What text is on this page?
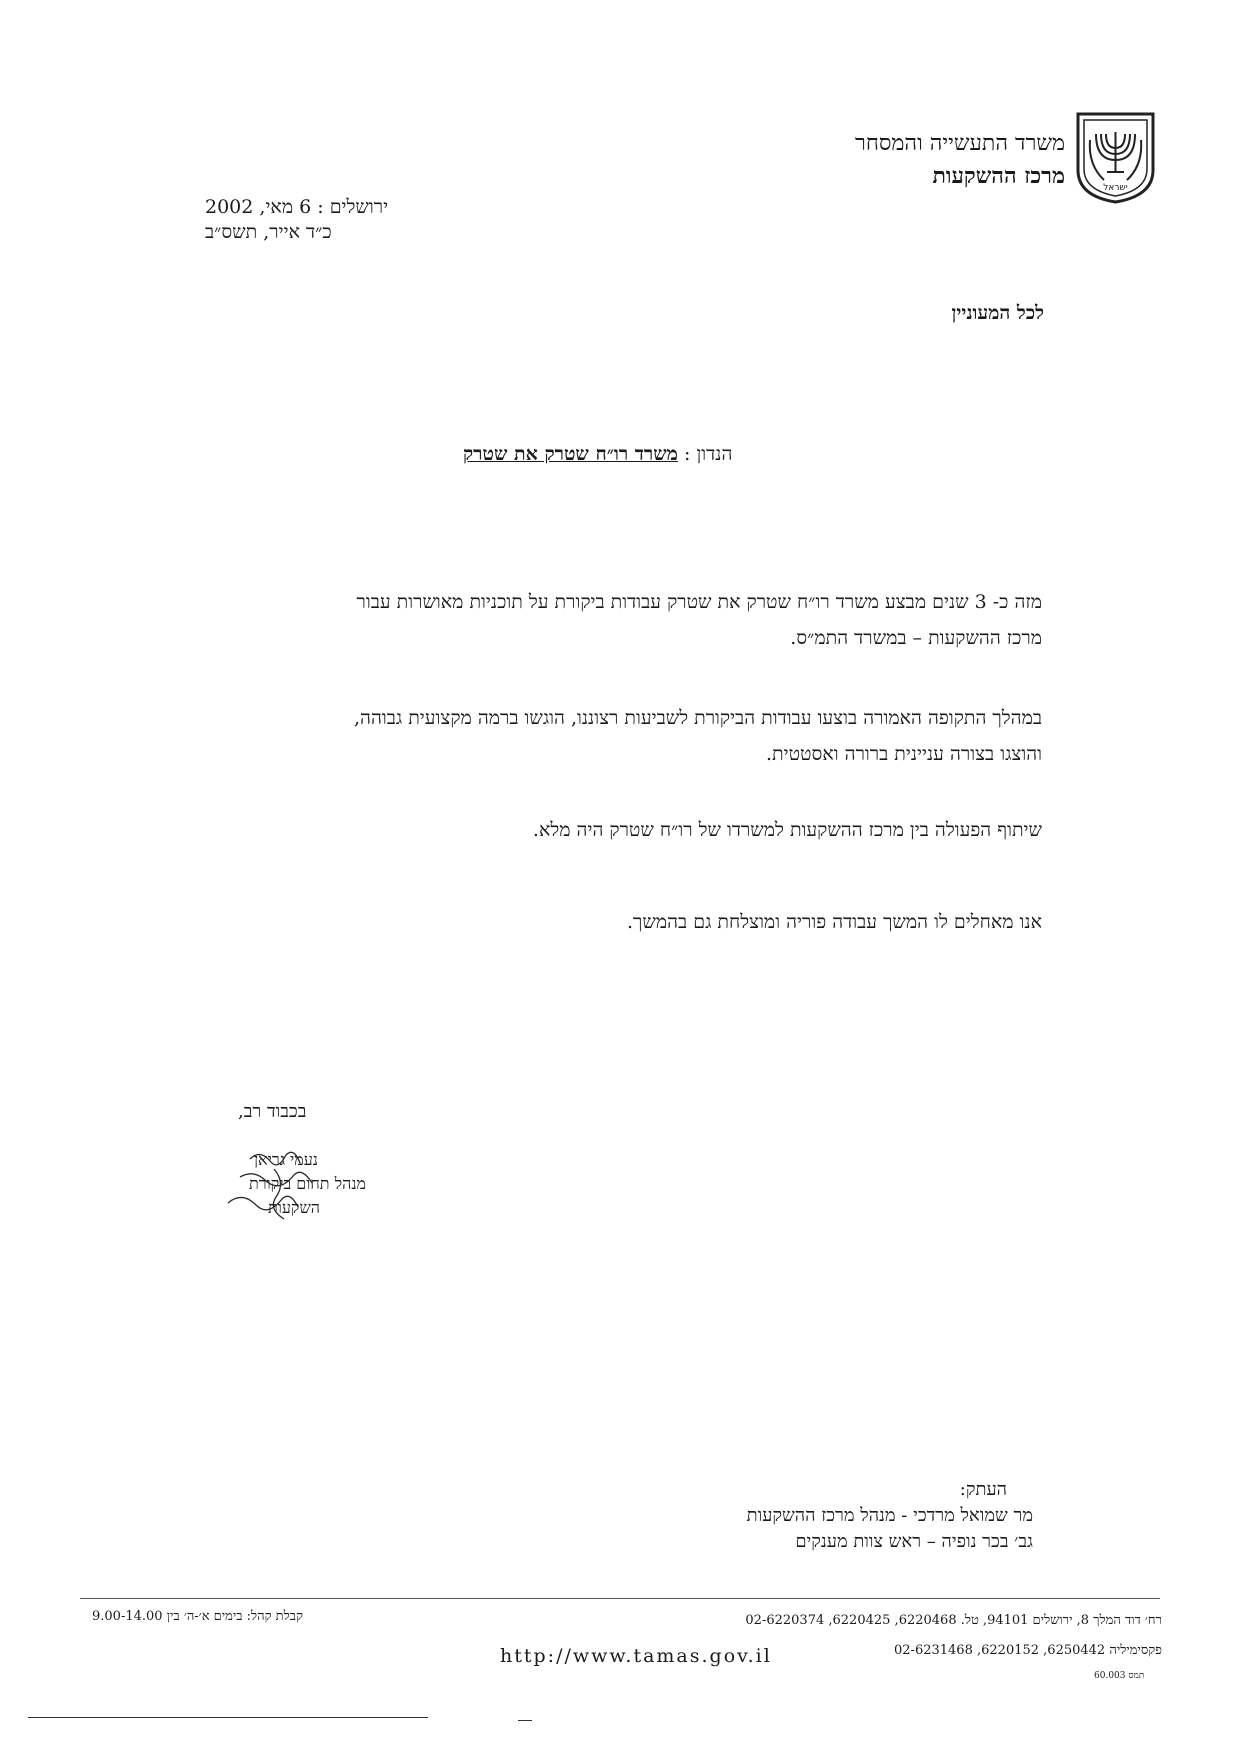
ישראל
משרד התעשייה והמסחר
מרכז ההשקעות
ירושלים : 6 מאי, 2002
כ״ד אייר, תשס״ב
לכל המעוניין
הנדון : משרד רו״ח שטרק את שטרק
מזה כ- 3 שנים מבצע משרד רו״ח שטרק את שטרק עבודות ביקורת על תוכניות מאושרות עבור
מרכז ההשקעות – במשרד התמ״ס.
במהלך התקופה האמורה בוצעו עבודות הביקורת לשביעות רצוננו, הוגשו ברמה מקצועית גבוהה,
והוצגו בצורה עניינית ברורה ואסטטית.
שיתוף הפעולה בין מרכז ההשקעות למשרדו של רו״ח שטרק היה מלא.
אנו מאחלים לו המשך עבודה פוריה ומוצלחת גם בהמשך.
בכבוד רב,
נעמי גריאן
מנהל תחום ביקורת
השקעות
העתק:
מר שמואל מרדכי - מנהל מרכז ההשקעות
גב׳ בכר נופיה – ראש צוות מענקים
רח׳ דוד המלך 8, ירושלים 94101, טל. 6220468, 6220425, 02-6220374
פקסימיליה 6250442, 6220152, 02-6231468
קבלת קהל: בימים א׳-ה׳ בין 9.00-14.00
http://www.tamas.gov.il
תמס 60.003
